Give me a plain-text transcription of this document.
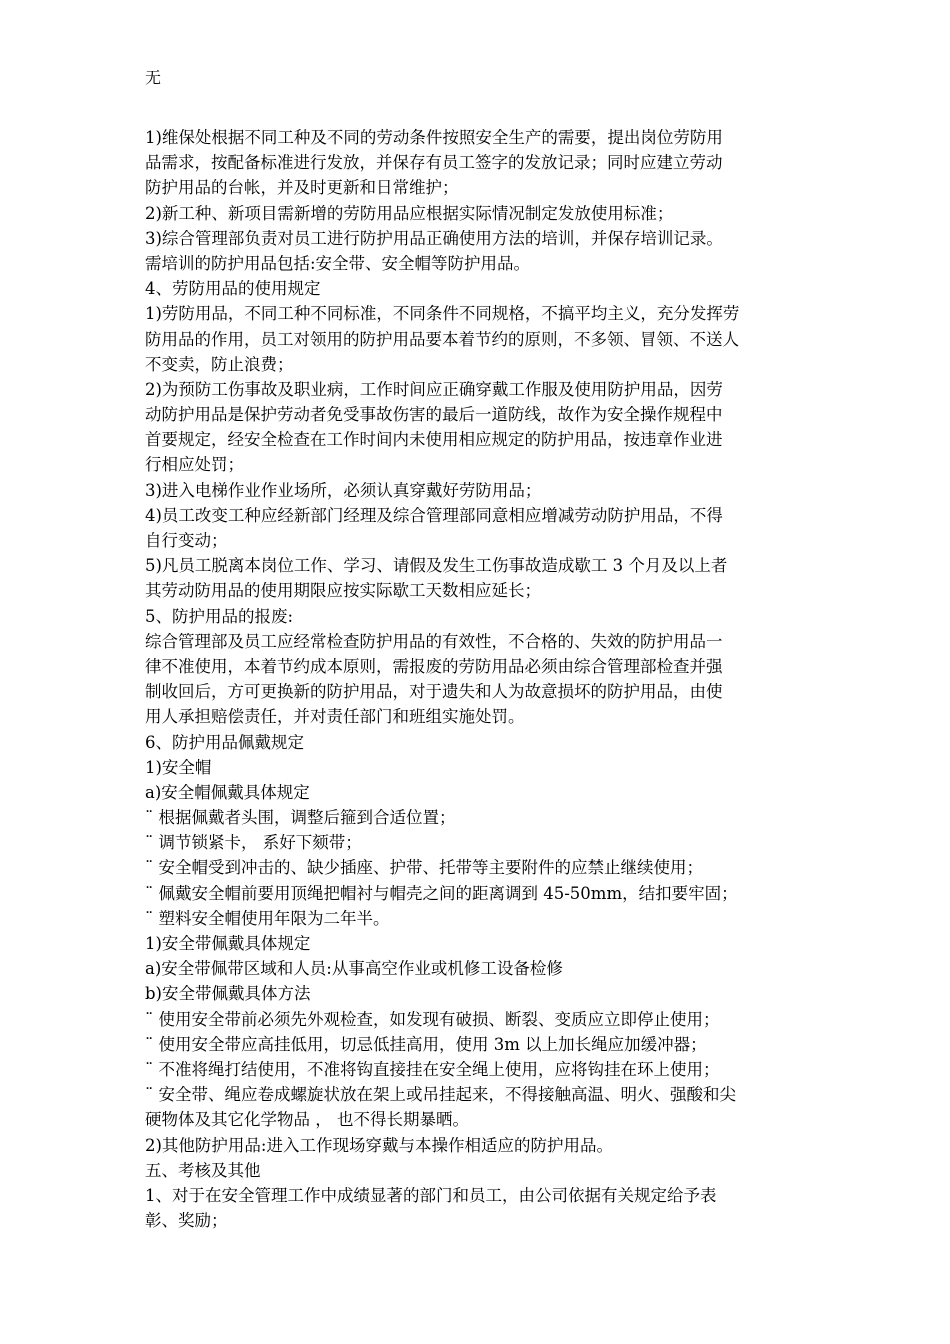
无
1)维保处根据不同工种及不同的劳动条件按照安全生产的需要，提出岗位劳防用
品需求，按配备标准进行发放，并保存有员工签字的发放记录；同时应建立劳动
防护用品的台帐，并及时更新和日常维护；
2)新工种、新项目需新增的劳防用品应根据实际情况制定发放使用标准；
3)综合管理部负责对员工进行防护用品正确使用方法的培训，并保存培训记录。
需培训的防护用品包括:安全带、安全帽等防护用品。
4、劳防用品的使用规定
1)劳防用品，不同工种不同标准，不同条件不同规格，不搞平均主义，充分发挥劳
防用品的作用，员工对领用的防护用品要本着节约的原则，不多领、冒领、不送人
不变卖，防止浪费；
2)为预防工伤事故及职业病，工作时间应正确穿戴工作服及使用防护用品，因劳
动防护用品是保护劳动者免受事故伤害的最后一道防线，故作为安全操作规程中
首要规定，经安全检查在工作时间内未使用相应规定的防护用品，按违章作业进
行相应处罚；
3)进入电梯作业作业场所，必须认真穿戴好劳防用品；
4)员工改变工种应经新部门经理及综合管理部同意相应增减劳动防护用品，不得
自行变动；
5)凡员工脱离本岗位工作、学习、请假及发生工伤事故造成歇工 3 个月及以上者
其劳动防用品的使用期限应按实际歇工天数相应延长；
5、防护用品的报废:
综合管理部及员工应经常检查防护用品的有效性，不合格的、失效的防护用品一
律不准使用，本着节约成本原则，需报废的劳防用品必须由综合管理部检查并强
制收回后，方可更换新的防护用品，对于遗失和人为故意损坏的防护用品，由使
用人承担赔偿责任，并对责任部门和班组实施处罚。
6、防护用品佩戴规定
1)安全帽
a)安全帽佩戴具体规定
¨ 根据佩戴者头围，调整后箍到合适位置；
¨ 调节锁紧卡， 系好下颏带；
¨ 安全帽受到冲击的、缺少插座、护带、托带等主要附件的应禁止继续使用；
¨ 佩戴安全帽前要用顶绳把帽衬与帽壳之间的距离调到 45-50mm，结扣要牢固；
¨ 塑料安全帽使用年限为二年半。
1)安全带佩戴具体规定
a)安全带佩带区域和人员:从事高空作业或机修工设备检修
b)安全带佩戴具体方法
¨ 使用安全带前必须先外观检查，如发现有破损、断裂、变质应立即停止使用；
¨ 使用安全带应高挂低用，切忌低挂高用，使用 3m 以上加长绳应加缓冲器；
¨ 不准将绳打结使用，不准将钩直接挂在安全绳上使用，应将钩挂在环上使用；
¨ 安全带、绳应卷成螺旋状放在架上或吊挂起来，不得接触高温、明火、强酸和尖
硬物体及其它化学物品 ， 也不得长期暴晒。
2)其他防护用品:进入工作现场穿戴与本操作相适应的防护用品。
五、考核及其他
1、对于在安全管理工作中成绩显著的部门和员工，由公司依据有关规定给予表
彰、奖励；
